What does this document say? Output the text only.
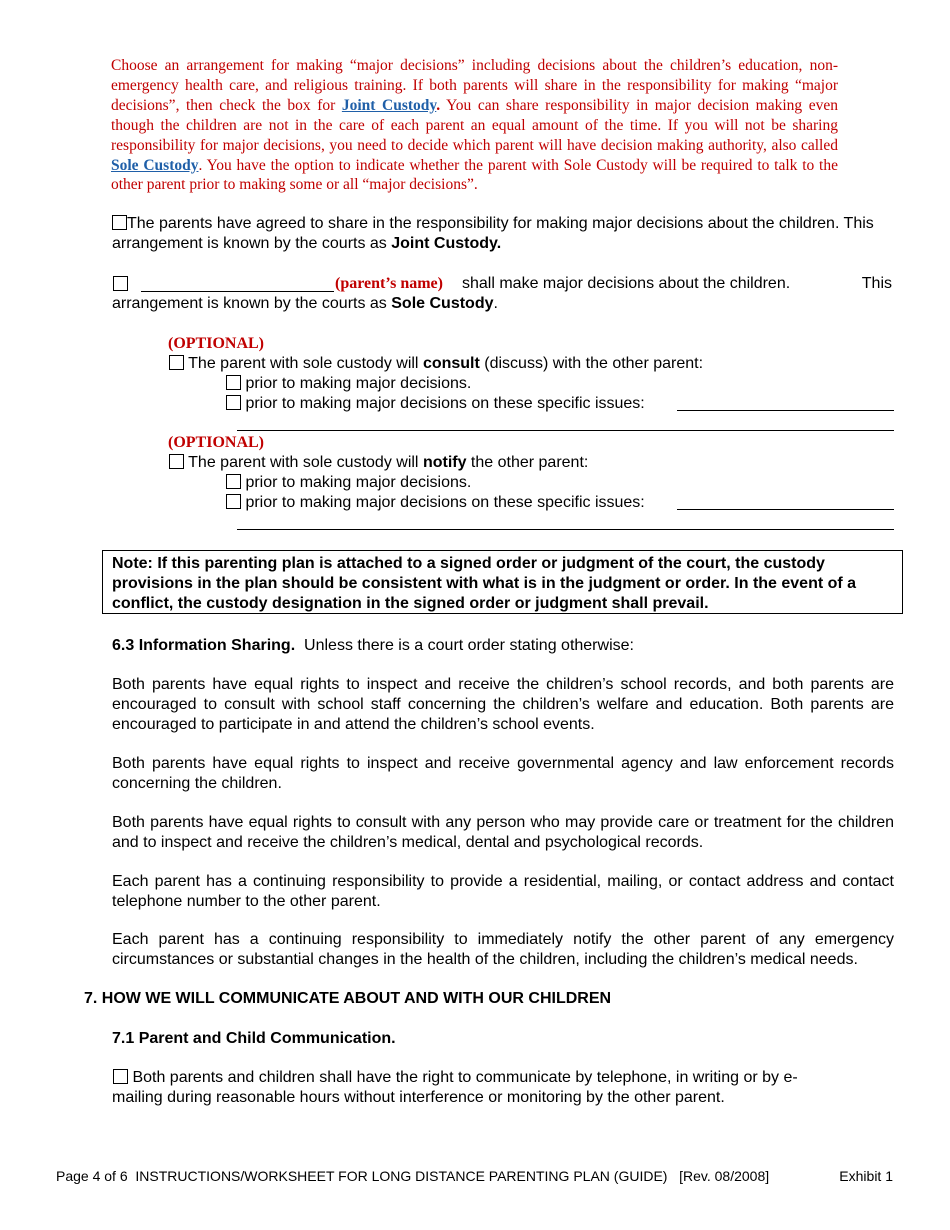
Choose an arrangement for making “major decisions” including decisions about the children’s education, non-emergency health care, and religious training. If both parents will share in the responsibility for making “major decisions”, then check the box for Joint Custody. You can share responsibility in major decision making even though the children are not in the care of each parent an equal amount of the time. If you will not be sharing responsibility for major decisions, you need to decide which parent will have decision making authority, also called Sole Custody. You have the option to indicate whether the parent with Sole Custody will be required to talk to the other parent prior to making some or all “major decisions”.
The parents have agreed to share in the responsibility for making major decisions about the children. This arrangement is known by the courts as Joint Custody.
(parent’s name) shall make major decisions about the children.	This
arrangement is known by the courts as Sole Custody.
(OPTIONAL)
The parent with sole custody will consult (discuss) with the other parent:
prior to making major decisions.
prior to making major decisions on these specific issues:
(OPTIONAL)
The parent with sole custody will notify the other parent:
prior to making major decisions.
prior to making major decisions on these specific issues:
Note: If this parenting plan is attached to a signed order or judgment of the court, the custody provisions in the plan should be consistent with what is in the judgment or order. In the event of a conflict, the custody designation in the signed order or judgment shall prevail.
6.3 Information Sharing.  Unless there is a court order stating otherwise:
Both parents have equal rights to inspect and receive the children’s school records, and both parents are encouraged to consult with school staff concerning the children’s welfare and education. Both parents are encouraged to participate in and attend the children’s school events.
Both parents have equal rights to inspect and receive governmental agency and law enforcement records concerning the children.
Both parents have equal rights to consult with any person who may provide care or treatment for the children and to inspect and receive the children’s medical, dental and psychological records.
Each parent has a continuing responsibility to provide a residential, mailing, or contact address and contact telephone number to the other parent.
Each parent has a continuing responsibility to immediately notify the other parent of any emergency circumstances or substantial changes in the health of the children, including the children’s medical needs.
7. HOW WE WILL COMMUNICATE ABOUT AND WITH OUR CHILDREN
7.1 Parent and Child Communication.
Both parents and children shall have the right to communicate by telephone, in writing or by e-
mailing during reasonable hours without interference or monitoring by the other parent.
Page 4 of 6  INSTRUCTIONS/WORKSHEET FOR LONG DISTANCE PARENTING PLAN (GUIDE)   [Rev. 08/2008]	Exhibit 1
